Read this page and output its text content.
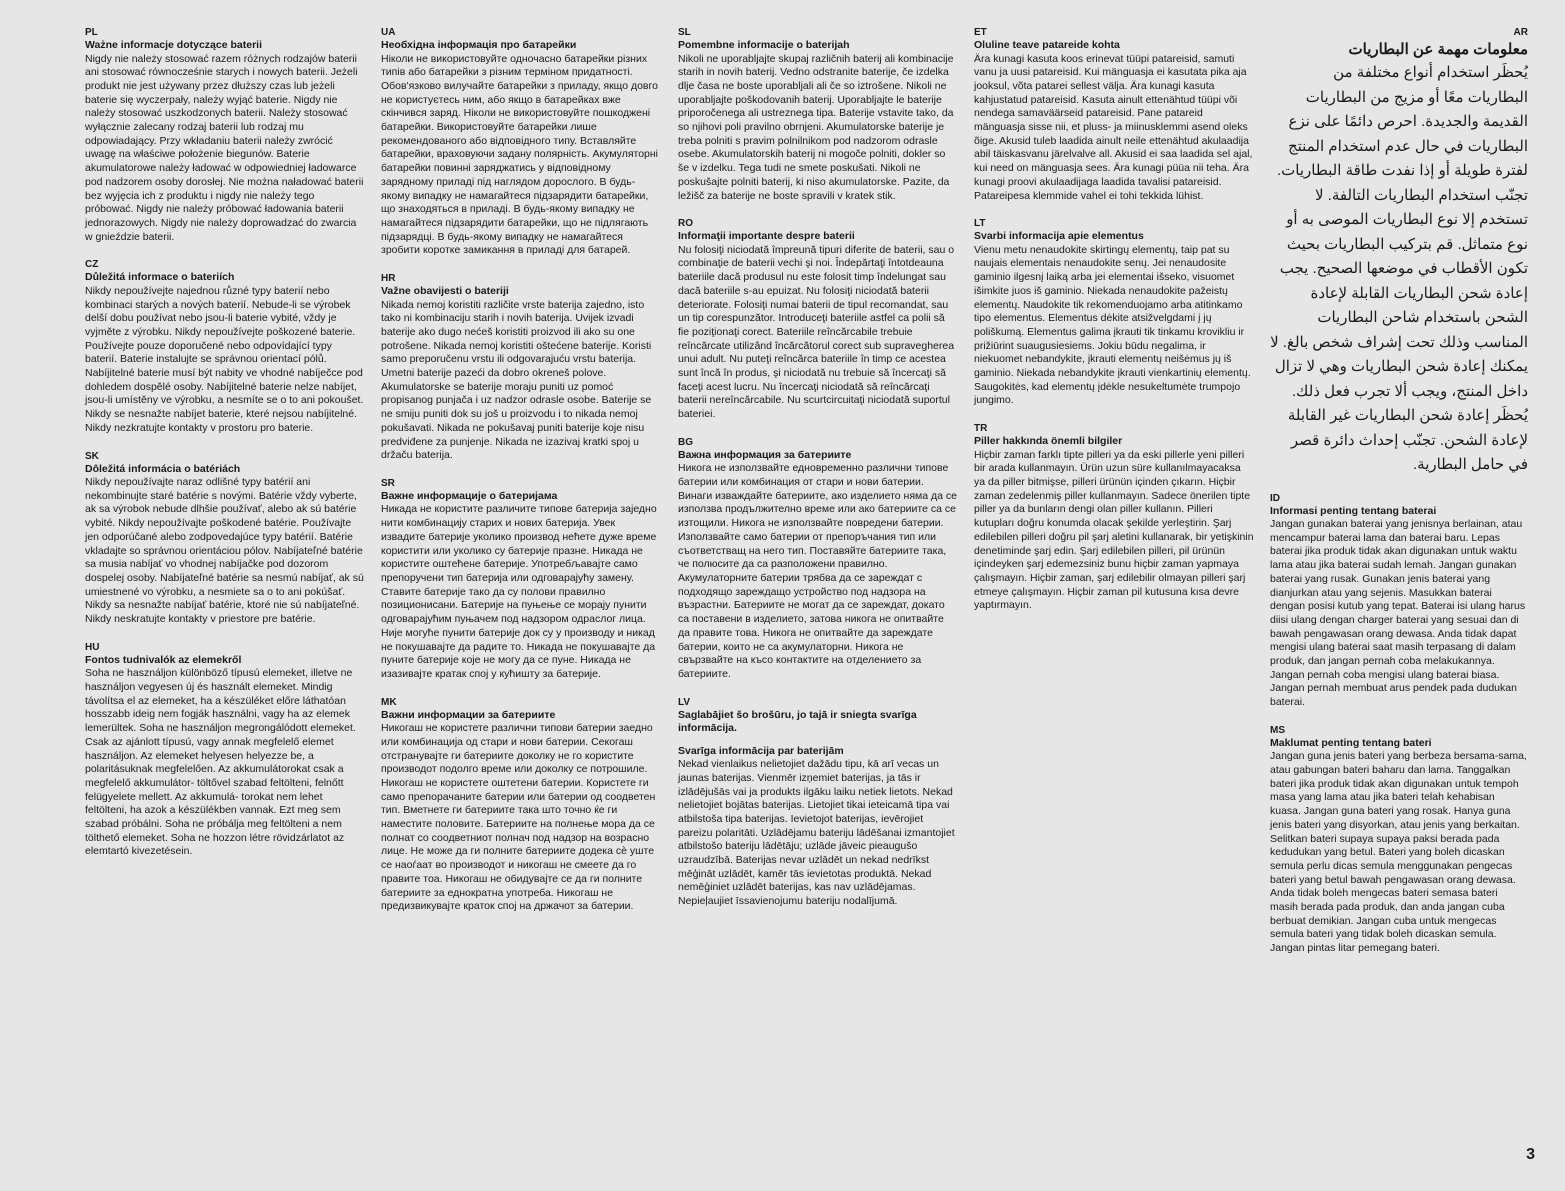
PL
Ważne informacje dotyczące baterii
Nigdy nie należy stosować razem różnych rodzajów baterii ani stosować równocześnie starych i nowych baterii. Jeżeli produkt nie jest używany przez dłuższy czas lub jeżeli baterie się wyczerpały, należy wyjąć baterie. Nigdy nie należy stosować uszkodzonych baterii. Należy stosować wyłącznie zalecany rodzaj baterii lub rodzaj mu odpowiadający. Przy wkładaniu baterii należy zwrócić uwagę na właściwe położenie biegunów. Baterie akumulatorowe należy ładować w odpowiedniej ładowarce pod nadzorem osoby dorosłej. Nie można naładować baterii bez wyjęcia ich z produktu i nigdy nie należy tego próbować. Nigdy nie należy próbować ładowania baterii jednorazowych. Nigdy nie należy doprowadzać do zwarcia w gnieździe baterii.
CZ
Důležitá informace o bateriích
Nikdy nepoužívejte najednou různé typy baterií nebo kombinaci starých a nových baterií. Nebude-li se výrobek delší dobu používat nebo jsou-li baterie vybité, vždy je vyjměte z výrobku. Nikdy nepoužívejte poškozené baterie. Používejte pouze doporučené nebo odpovídající typy baterií. Baterie instalujte se správnou orientací pólů. Nabíjitelné baterie musí být nabity ve vhodné nabíječce pod dohledem dospělé osoby. Nabíjitelné baterie nelze nabíjet, jsou-li umístěny ve výrobku, a nesmíte se o to ani pokoušet. Nikdy se nesnažte nabíjet baterie, které nejsou nabíjitelné. Nikdy nezkratujte kontakty v prostoru pro baterie.
SK
Dôležitá informácia o batériách
Nikdy nepoužívajte naraz odlišné typy batérií ani nekombinujte staré batérie s novými. Batérie vždy vyberte, ak sa výrobok nebude dlhšie používať, alebo ak sú batérie vybité. Nikdy nepoužívajte poškodené batérie. Používajte jen odporúčané alebo zodpovedajúce typy batérií. Batérie vkladajte so správnou orientáciou pólov. Nabíjateľné batérie sa musia nabíjať vo vhodnej nabíjačke pod dozorom dospelej osoby. Nabíjateľné batérie sa nesmú nabíjať, ak sú umiestnené vo výrobku, a nesmiete sa o to ani pokúšať. Nikdy sa nesnažte nabíjať batérie, ktoré nie sú nabíjateľné. Nikdy neskratujte kontakty v priestore pre batérie.
HU
Fontos tudnivalók az elemekről
Soha ne használjon különböző típusú elemeket, illetve ne használjon vegyesen új és használt elemeket. Mindig távolítsa el az elemeket, ha a készüléket előre láthatóan hosszabb ideig nem fogják használni, vagy ha az elemek lemerültek. Soha ne használjon megrongálódott elemeket. Csak az ajánlott típusú, vagy annak megfelelő elemet használjon. Az elemeket helyesen helyezze be, a polaritásuknak megfelelően. Az akkumulátorokat csak a megfelelő akkumulátor- töltővel szabad feltölteni, felnőtt felügyelete mellett. Az akkumulá- torokat nem lehet feltölteni, ha azok a készülékben vannak. Ezt meg sem szabad próbálni. Soha ne próbálja meg feltölteni a nem tölthető elemeket. Soha ne hozzon létre rövidzárlatot az elemtartó kivezetésein.
UA
Необхідна інформація про батарейки
Ніколи не використовуйте одночасно батарейки різних типів або батарейки з різним терміном придатності. Обов'язково вилучайте батарейки з приладу, якщо довго не користуєтесь ним, або якщо в батарейках вже скінчився заряд. Ніколи не використовуйте пошкоджені батарейки. Використовуйте батарейки лише рекомендованого або відповідного типу. Вставляйте батарейки, враховуючи задану полярність. Акумуляторні батарейки повинні заряджатись у відповідному зарядному приладі під наглядом дорослого. В будь-якому випадку не намагайтеся підзарядити батарейки, що знаходяться в приладі. В будь-якому випадку не намагайтеся підзарядити батарейки, що не підлягають підзарядці. В будь-якому випадку не намагайтеся зробити коротке замикання в приладі для батарей.
HR
Važne obavijesti o bateriji
Nikada nemoj koristiti različite vrste baterija zajedno, isto tako ni kombinaciju starih i novih baterija. Uvijek izvadi baterije ako dugo nećeš koristiti proizvod ili ako su one potrošene. Nikada nemoj koristiti oštećene baterije. Koristi samo preporučenu vrstu ili odgovarajuću vrstu baterija. Umetni baterije pazeći da dobro okreneš polove. Akumulatorske se baterije moraju puniti uz pomoć propisanog punjača i uz nadzor odrasle osobe. Baterije se ne smiju puniti dok su još u proizvodu i to nikada nemoj pokušavati. Nikada ne pokušavaj puniti baterije koje nisu predviđene za punjenje. Nikada ne izazivaj kratki spoj u držaču baterija.
SR
Важне информације о батеријама
Никада не користите различите типове батерија заједно нити комбинацију старих и нових батерија. Увек извадите батерије уколико производ нећете дуже време користити или уколико су батерије празне. Никада не користите оштећене батерије. Употребљавајте само препоручени тип батерија или одговарајућу замену. Ставите батерије тако да су полови правилно позиционисани. Батерије на пуњење се морају пунити одговарајућим пуњачем под надзором одраслог лица. Није могуће пунити батерије док су у производу и никад не покушавајте да радите то. Никада не покушавајте да пуните батерије које не могу да се пуне. Никада не изазивајте кратак спој у кућишту за батерије.
MK
Важни информации за батериите
Никогаш не користете различни типови батерии заедно или комбинација од стари и нови батерии. Секогаш отстранувајте ги батериите доколку не го користите производот подолго време или доколку се потрошиле. Никогаш не користете оштетени батерии. Користете ги само препорачаните батерии или батерии од соодветен тип. Вметнете ги батериите така што точно ќе ги наместите половите. Батериите на полнење мора да се полнат со соодветниот полнач под надзор на возрасно лице. Не може да ги полните батериите додека сѐ уште се наоѓаат во производот и никогаш не смеете да го правите тоа. Никогаш не обидувајте се да ги полните батериите за еднократна употреба. Никогаш не предизвикувајте краток спој на држачот за батерии.
SL
Pomembne informacije o baterijah
Nikoli ne uporabljajte skupaj različnih baterij ali kombinacije starih in novih baterij. Vedno odstranite baterije, če izdelka dlje časa ne boste uporabljali ali če so iztrošene. Nikoli ne uporabljajte poškodovanih baterij. Uporabljajte le baterije priporočenega ali ustreznega tipa. Baterije vstavite tako, da so njihovi poli pravilno obrnjeni. Akumulatorske baterije je treba polniti s pravim polnilnikom pod nadzorom odrasle osebe. Akumulatorskih baterij ni mogoče polniti, dokler so še v izdelku. Tega tudi ne smete poskušati. Nikoli ne poskušajte polniti baterij, ki niso akumulatorske. Pazite, da ležišč za baterije ne boste spravili v kratek stik.
RO
Informaţii importante despre baterii
Nu folosiţi niciodată împreună tipuri diferite de baterii, sau o combinaţie de baterii vechi şi noi. Îndepărtaţi întotdeauna bateriile dacă produsul nu este folosit timp îndelungat sau dacă bateriile s-au epuizat. Nu folosiţi niciodată baterii deteriorate. Folosiţi numai baterii de tipul recomandat, sau un tip corespunzător. Introduceţi bateriile astfel ca polii să fie poziţionaţi corect. Bateriile reîncărcabile trebuie reîncărcate utilizând încărcătorul corect sub supravegherea unui adult. Nu puteţi reîncărca bateriile în timp ce acestea sunt încă în produs, şi niciodată nu trebuie să încercaţi să faceţi acest lucru. Nu încercaţi niciodată să reîncărcaţi baterii nereîncărcabile. Nu scurtcircuitaţi niciodată suportul bateriei.
BG
Важна информация за батериите
Никога не използвайте едновременно различни типове батерии или комбинация от стари и нови батерии. Винаги изваждайте батериите, ако изделието няма да се използва продължително време или ако батериите са се изтощили. Никога не използвайте повредени батерии. Използвайте само батерии от препоръчания тип или съответстващ на него тип. Поставяйте батериите така, че полюсите да са разположени правилно. Акумулаторните батерии трябва да се зареждат с подходящо зареждащо устройство под надзора на възрастни. Батериите не могат да се зареждат, докато са поставени в изделието, затова никога не опитвайте да правите това. Никога не опитвайте да зареждате батерии, които не са акумулаторни. Никога не свързвайте на късо контактите на отделението за батериите.
LV
Saglabājiet šo brošūru, jo tajā ir sniegta svarīga informācija.
Svarīga informācija par baterijām
Nekad vienlaikus nelietojiet dažādu tipu, kā arī vecas un jaunas baterijas. Vienmēr izņemiet baterijas, ja tās ir izlādējušās vai ja produkts ilgāku laiku netiek lietots. Nekad nelietojiet bojātas baterijas. Lietojiet tikai ieteicamā tipa vai atbilstoša tipa baterijas. Ievietojot baterijas, ievērojiet pareizu polaritāti. Uzlādējamu bateriju lādēšanai izmantojiet atbilstošo bateriju lādētāju; uzlāde jāveic pieaugušo uzraudzībā. Baterijas nevar uzlādēt un nekad nedrīkst mēģināt uzlādēt, kamēr tās ievietotas produktā. Nekad nemēģiniet uzlādēt baterijas, kas nav uzlādējamas. Nepieļaujiet īssavienojumu bateriju nodalījumā.
ET
Oluline teave patareide kohta
Ära kunagi kasuta koos erinevat tüüpi patareisid, samuti vanu ja uusi patareisid. Kui mänguasja ei kasutata pika aja jooksul, võta patarei sellest välja. Ära kunagi kasuta kahjustatud patareisid. Kasuta ainult ettenähtud tüüpi või nendega samaväärseid patareisid. Pane patareid mänguasja sisse nii, et pluss- ja miinusklemmi asend oleks õige. Akusid tuleb laadida ainult neile ettenähtud akulaadija abil täiskasvanu järelvalve all. Akusid ei saa laadida sel ajal, kui need on mänguasja sees. Ära kunagi püüa nii teha. Ära kunagi proovi akulaadijaga laadida tavalisi patareisid. Patareipesa klemmide vahel ei tohi tekkida lühist.
LT
Svarbi informacija apie elementus
Vienu metu nenaudokite skirtingų elementų, taip pat su naujais elementais nenaudokite senų. Jei nenaudosite gaminio ilgesnį laiką arba jei elementai išseko, visuomet išimkite juos iš gaminio. Niekada nenaudokite pažeistų elementų. Naudokite tik rekomenduojamo arba atitinkamo tipo elementus. Elementus dėkite atsižvelgdami į jų poliškumą. Elementus galima įkrauti tik tinkamu krovikliu ir prižiūrint suaugusiesiems. Jokiu būdu negalima, ir niekuomet nebandykite, įkrauti elementų neišėmus jų iš gaminio. Niekada nebandykite įkrauti vienkartinių elementų. Saugokitės, kad elementų įdėkle nesukeltumėte trumpojo jungimo.
TR
Piller hakkında önemli bilgiler
Hiçbir zaman farklı tipte pilleri ya da eski pillerle yeni pilleri bir arada kullanmayın. Ürün uzun süre kullanılmayacaksa ya da piller bitmişse, pilleri ürünün içinden çıkarın. Hiçbir zaman zedelenmiş piller kullanmayın. Sadece önerilen tipte piller ya da bunların dengi olan piller kullanın. Pilleri kutupları doğru konumda olacak şekilde yerleştirin. Şarj edilebilen pilleri doğru pil şarj aletini kullanarak, bir yetişkinin denetiminde şarj edin. Şarj edilebilen pilleri, pil ürünün içindeyken şarj edemezsiniz bunu hiçbir zaman yapmaya çalışmayın. Hiçbir zaman, şarj edilebilir olmayan pilleri şarj etmeye çalışmayın. Hiçbir zaman pil kutusuna kısa devre yaptırmayın.
AR
معلومات مهمة عن البطاريات
يُحظَر استخدام أنواع مختلفة من البطاريات معًا أو مزيج من البطاريات القديمة والجديدة. احرص دائمًا على نزع البطاريات في حال عدم استخدام المنتج لفترة طويلة أو إذا نفدت طاقة البطاريات. تجنّب استخدام البطاريات التالفة. لا تستخدم إلا نوع البطاريات الموصى به أو نوع متماثل. قم بتركيب البطاريات بحيث تكون الأقطاب في موضعها الصحيح. يجب إعادة شحن البطاريات القابلة لإعادة الشحن باستخدام شاحن البطاريات المناسب وذلك تحت إشراف شخص بالغ. لا يمكنك إعادة شحن البطاريات وهي لا تزال داخل المنتج، ويجب ألا تجرب فعل ذلك. يُحظَر إعادة شحن البطاريات غير القابلة لإعادة الشحن. تجنّب إحداث دائرة قصر في حامل البطارية.
ID
Informasi penting tentang baterai
Jangan gunakan baterai yang jenisnya berlainan, atau mencampur baterai lama dan baterai baru. Lepas baterai jika produk tidak akan digunakan untuk waktu lama atau jika baterai sudah lemah. Jangan gunakan baterai yang rusak. Gunakan jenis baterai yang dianjurkan atau yang sejenis. Masukkan baterai dengan posisi kutub yang tepat. Baterai isi ulang harus diisi ulang dengan charger baterai yang sesuai dan di bawah pengawasan orang dewasa. Anda tidak dapat mengisi ulang baterai saat masih terpasang di dalam produk, dan jangan pernah coba melakukannya. Jangan pernah coba mengisi ulang baterai biasa. Jangan pernah membuat arus pendek pada dudukan baterai.
MS
Maklumat penting tentang bateri
Jangan guna jenis bateri yang berbeza bersama-sama, atau gabungan bateri baharu dan lama. Tanggalkan bateri jika produk tidak akan digunakan untuk tempoh masa yang lama atau jika bateri telah kehabisan kuasa. Jangan guna bateri yang rosak. Hanya guna jenis bateri yang disyorkan, atau jenis yang berkaitan. Selitkan bateri supaya supaya paksi berada pada kedudukan yang betul. Bateri yang boleh dicaskan semula perlu dicas semula menggunakan pengecas bateri yang betul bawah pengawasan orang dewasa. Anda tidak boleh mengecas bateri semasa bateri masih berada pada produk, dan anda jangan cuba berbuat demikian. Jangan cuba untuk mengecas semula bateri yang tidak boleh dicaskan semula. Jangan pintas litar pemegang bateri.
3
